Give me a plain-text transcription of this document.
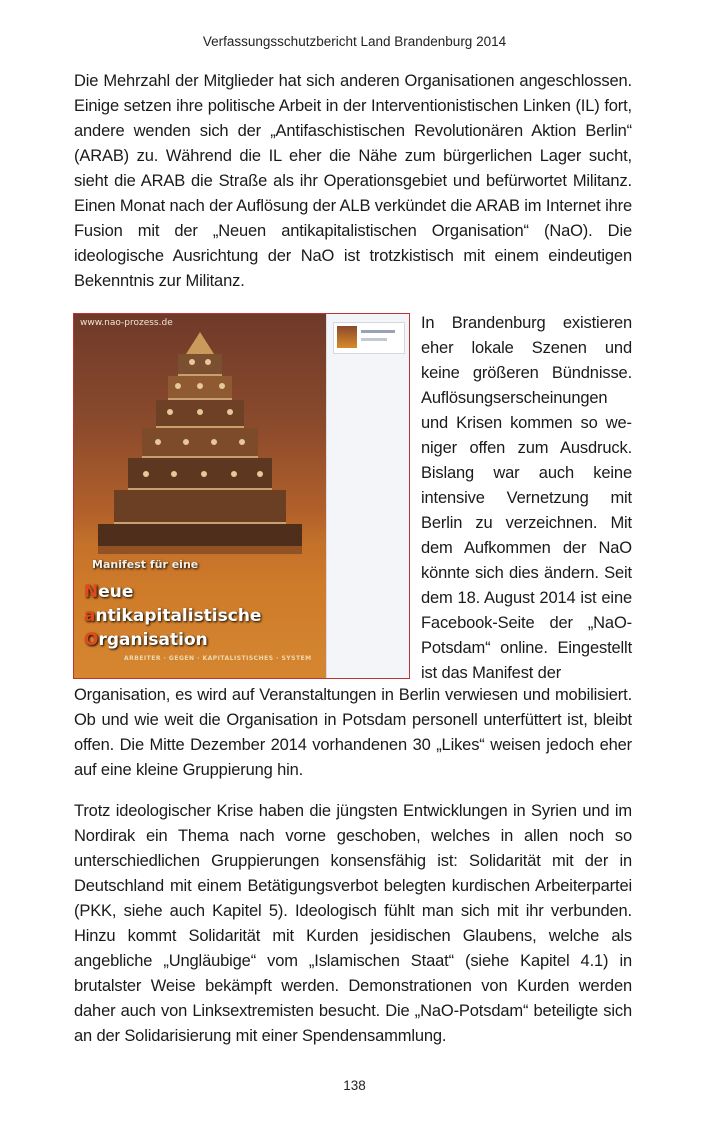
Verfassungsschutzbericht Land Brandenburg 2014

Die Mehrzahl der Mitglieder hat sich anderen Organisationen angeschlossen. Einige setzen ihre politische Arbeit in der Interventionistischen Linken (IL) fort, andere wenden sich der „Antifaschistischen Revolutionären Aktion Berlin“ (ARAB) zu. Während die IL eher die Nähe zum bürgerlichen Lager sucht, sieht die ARAB die Straße als ihr Operationsgebiet und befürwortet Militanz. Einen Monat nach der Auflösung der ALB verkündet die ARAB im Internet ihre Fusion mit der „Neuen antikapitalistischen Organisation“ (NaO). Die ideologische Ausrichtung der NaO ist trotzkistisch mit einem eindeutigen Bekenntnis zur Militanz.

www.nao-prozess.de
Manifest für eine
Neue
antikapitalistische
Organisation
ARBEITER · GEGEN · KAPITALISTISCHES · SYSTEM

In Brandenburg existieren eher lokale Szenen und keine größeren Bündnisse. Auflösungserscheinungen und Krisen kommen so weniger offen zum Ausdruck. Bislang war auch keine intensive Vernetzung mit Berlin zu verzeichnen. Mit dem Aufkommen der NaO könnte sich dies ändern. Seit dem 18. August 2014 ist eine Facebook-Seite der „NaO-Potsdam“ online. Eingestellt ist das Manifest der

Organisation, es wird auf Veranstaltungen in Berlin verwiesen und mobilisiert. Ob und wie weit die Organisation in Potsdam personell unterfüttert ist, bleibt offen. Die Mitte Dezember 2014 vorhandenen 30 „Likes“ weisen jedoch eher auf eine kleine Gruppierung hin.

Trotz ideologischer Krise haben die jüngsten Entwicklungen in Syrien und im Nordirak ein Thema nach vorne geschoben, welches in allen noch so unterschiedlichen Gruppierungen konsensfähig ist: Solidarität mit der in Deutschland mit einem Betätigungsverbot belegten kurdischen Arbeiterpartei (PKK, siehe auch Kapitel 5). Ideologisch fühlt man sich mit ihr verbunden. Hinzu kommt Solidarität mit Kurden jesidischen Glaubens, welche als angebliche „Ungläubige“ vom „Islamischen Staat“ (siehe Kapitel 4.1) in brutalster Weise bekämpft werden. Demonstrationen von Kurden werden daher auch von Linksextremisten besucht. Die „NaO-Potsdam“ beteiligte sich an der Solidarisierung mit einer Spendensammlung.

138
